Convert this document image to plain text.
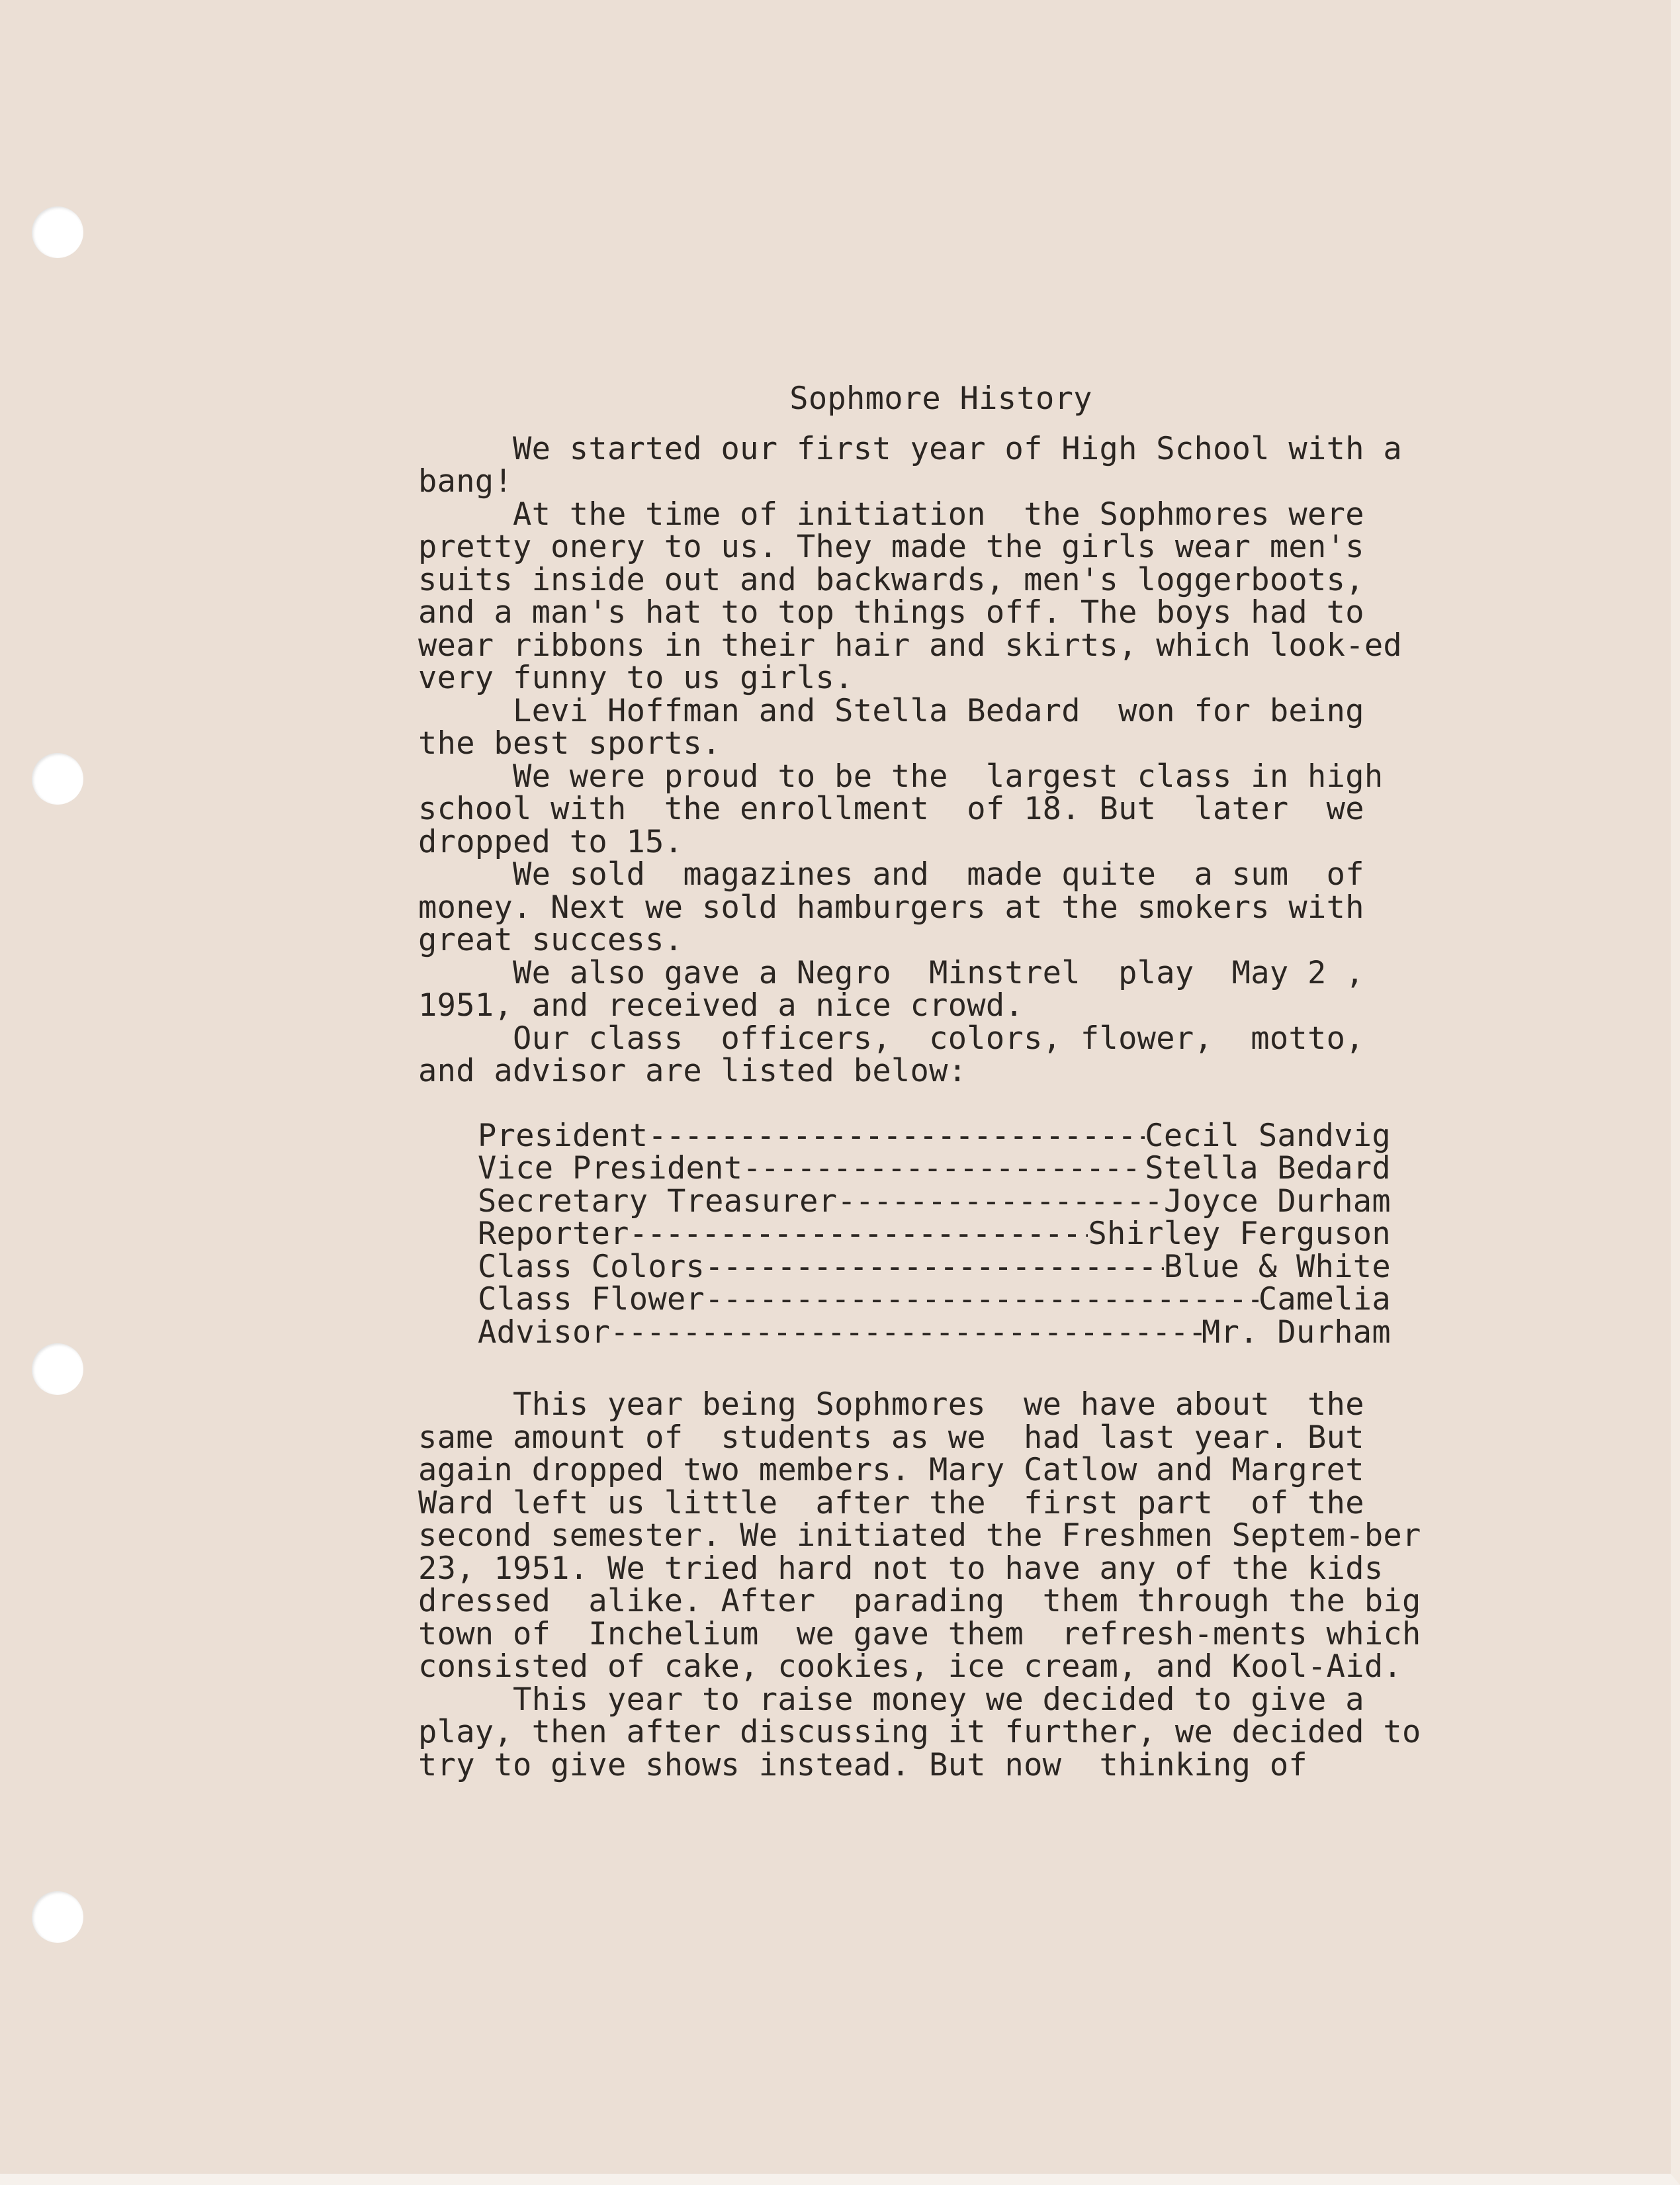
Sophmore History

We started our first year of High School with a bang!

At the time of initiation  the Sophmores were pretty onery to us. They made the girls wear men's suits inside out and backwards, men's loggerboots, and a man's hat to top things off. The boys had to wear ribbons in their hair and skirts, which look-ed very funny to us girls.

Levi Hoffman and Stella Bedard  won for being the best sports.

We were proud to be the  largest class in high school with  the enrollment  of 18. But  later  we dropped to 15.

We sold  magazines and  made quite  a sum  of money. Next we sold hamburgers at the smokers with great success.

We also gave a Negro  Minstrel  play  May 2 , 1951, and received a nice crowd.

Our class  officers,  colors, flower,  motto, and advisor are listed below:

President -----	Cecil Sandvig
Vice President -----	Stella Bedard
Secretary Treasurer -----	Joyce Durham
Reporter -----	Shirley Ferguson
Class Colors -----	Blue & White
Class Flower -----	Camelia
Advisor -----	Mr. Durham

This year being Sophmores  we have about  the same amount of  students as we  had last year. But again dropped two members. Mary Catlow and Margret Ward left us little  after the  first part  of the second semester. We initiated the Freshmen Septem-ber 23, 1951. We tried hard not to have any of the kids dressed  alike. After  parading  them through the big town of  Inchelium  we gave them  refresh-ments which consisted of cake, cookies, ice cream, and Kool-Aid.

This year to raise money we decided to give a play, then after discussing it further, we decided to try to give shows instead. But now  thinking of
